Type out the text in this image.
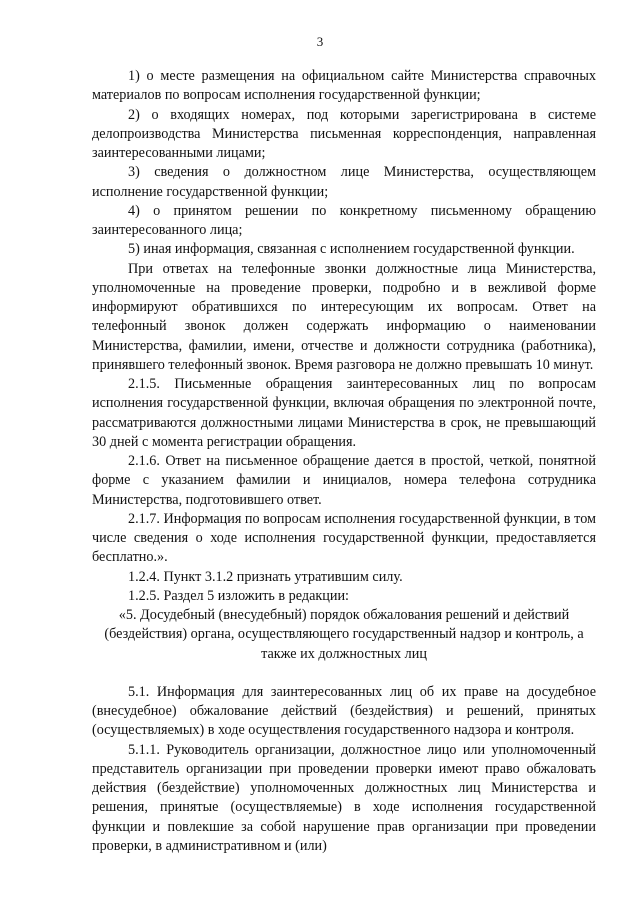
3

1) о месте размещения на официальном сайте Министерства справочных материалов по вопросам исполнения государственной функции;

2) о входящих номерах, под которыми зарегистрирована в системе делопроизводства Министерства письменная корреспонденция, направленная заинтересованными лицами;

3) сведения о должностном лице Министерства, осуществляющем исполнение государственной функции;

4) о принятом решении по конкретному письменному обращению заинтересованного лица;

5) иная информация, связанная с исполнением государственной функции.

При ответах на телефонные звонки должностные лица Министерства, уполномоченные на проведение проверки, подробно и в вежливой форме информируют обратившихся по интересующим их вопросам. Ответ на телефонный звонок должен содержать информацию о наименовании Министерства, фамилии, имени, отчестве и должности сотрудника (работника), принявшего телефонный звонок. Время разговора не должно превышать 10 минут.

2.1.5. Письменные обращения заинтересованных лиц по вопросам исполнения государственной функции, включая обращения по электронной почте, рассматриваются должностными лицами Министерства в срок, не превышающий 30 дней с момента регистрации обращения.

2.1.6. Ответ на письменное обращение дается в простой, четкой, понятной форме с указанием фамилии и инициалов, номера телефона сотрудника Министерства, подготовившего ответ.

2.1.7. Информация по вопросам исполнения государственной функции, в том числе сведения о ходе исполнения государственной функции, предоставляется бесплатно.».

1.2.4. Пункт 3.1.2 признать утратившим силу.

1.2.5. Раздел 5 изложить в редакции:

«5. Досудебный (внесудебный) порядок обжалования решений и действий (бездействия) органа, осуществляющего государственный надзор и контроль, а также их должностных лиц

5.1. Информация для заинтересованных лиц об их праве на досудебное (внесудебное) обжалование действий (бездействия) и решений, принятых (осуществляемых) в ходе осуществления государственного надзора и контроля.

5.1.1. Руководитель организации, должностное лицо или уполномоченный представитель организации при проведении проверки имеют право обжаловать действия (бездействие) уполномоченных должностных лиц Министерства и решения, принятые (осуществляемые) в ходе исполнения государственной функции и повлекшие за собой нарушение прав организации при проведении проверки, в административном и (или)
